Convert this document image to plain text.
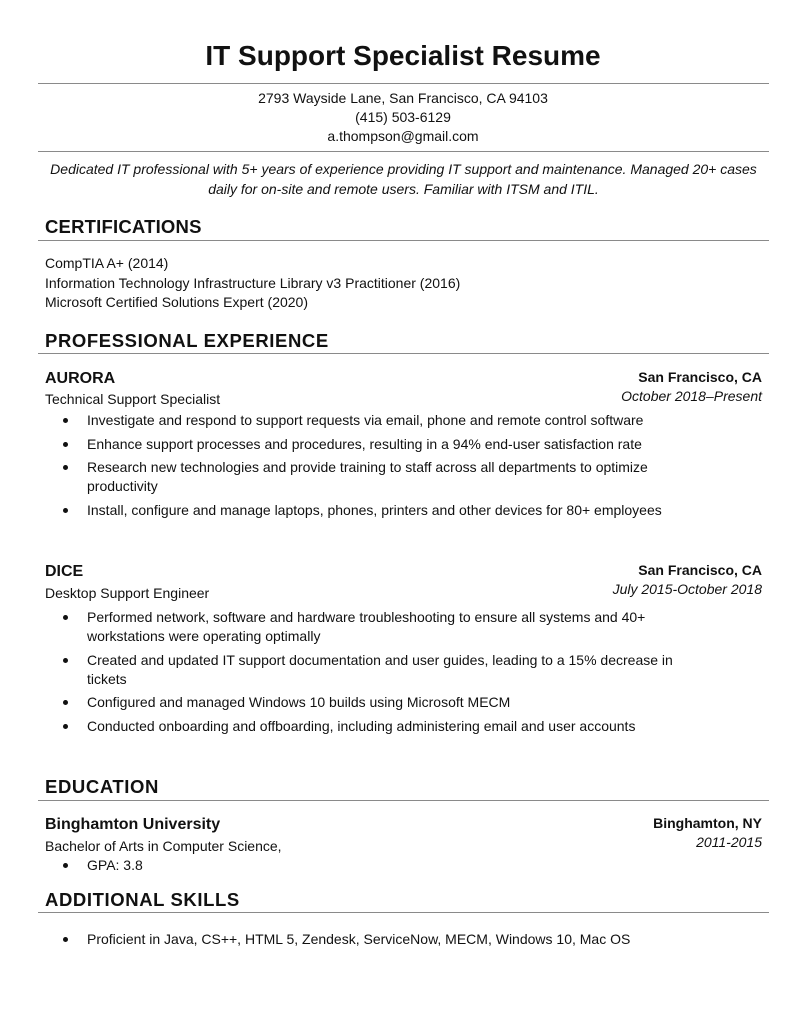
IT Support Specialist Resume
2793 Wayside Lane, San Francisco, CA 94103
(415) 503-6129
a.thompson@gmail.com
Dedicated IT professional with 5+ years of experience providing IT support and maintenance. Managed 20+ cases daily for on-site and remote users. Familiar with ITSM and ITIL.
CERTIFICATIONS
CompTIA A+ (2014)
Information Technology Infrastructure Library v3 Practitioner (2016)
Microsoft Certified Solutions Expert (2020)
PROFESSIONAL EXPERIENCE
AURORA	San Francisco, CA
Technical Support Specialist	October 2018–Present
Investigate and respond to support requests via email, phone and remote control software
Enhance support processes and procedures, resulting in a 94% end-user satisfaction rate
Research new technologies and provide training to staff across all departments to optimize productivity
Install, configure and manage laptops, phones, printers and other devices for 80+ employees
DICE	San Francisco, CA
Desktop Support Engineer	July 2015-October 2018
Performed network, software and hardware troubleshooting to ensure all systems and 40+ workstations were operating optimally
Created and updated IT support documentation and user guides, leading to a 15% decrease in tickets
Configured and managed Windows 10 builds using Microsoft MECM
Conducted onboarding and offboarding, including administering email and user accounts
EDUCATION
Binghamton University	Binghamton, NY
Bachelor of Arts in Computer Science,	2011-2015
GPA: 3.8
ADDITIONAL SKILLS
Proficient in Java, CS++, HTML 5, Zendesk, ServiceNow, MECM, Windows 10, Mac OS
